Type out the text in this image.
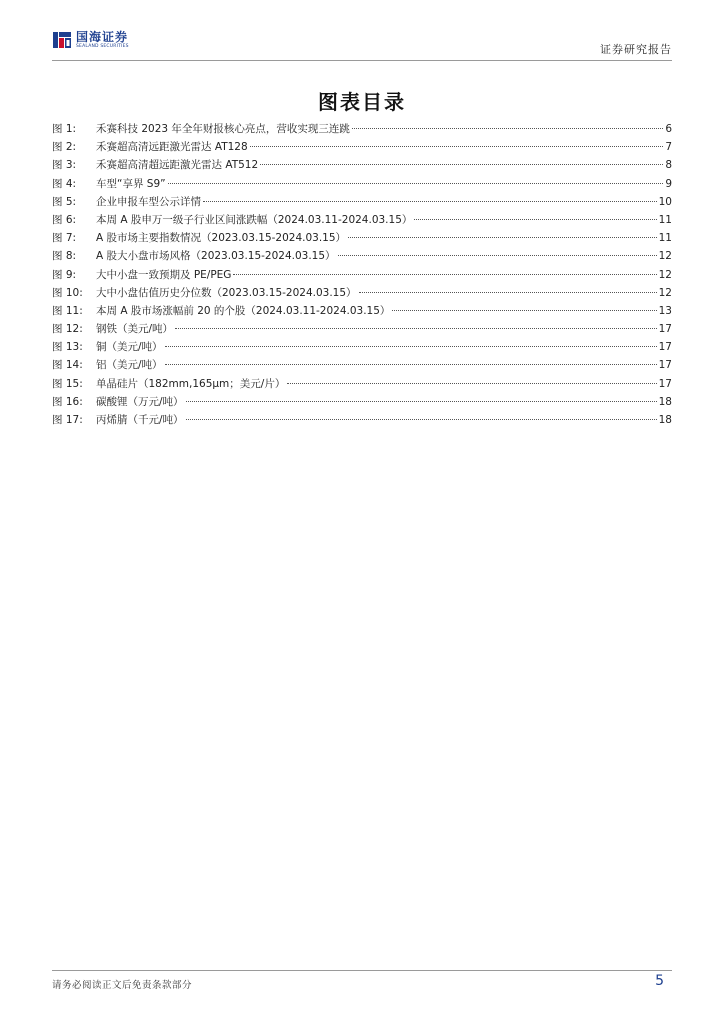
国海证券
SEALAND SECURITIES	证券研究报告
图表目录
图 1:	禾赛科技 2023 年全年财报核心亮点，营收实现三连跳	6
图 2:	禾赛超高清远距激光雷达 AT128	7
图 3:	禾赛超高清超远距激光雷达 AT512	8
图 4:	车型“享界 S9”	9
图 5:	企业申报车型公示详情	10
图 6:	本周 A 股申万一级子行业区间涨跌幅（2024.03.11-2024.03.15）	11
图 7:	A 股市场主要指数情况（2023.03.15-2024.03.15）	11
图 8:	A 股大小盘市场风格（2023.03.15-2024.03.15）	12
图 9:	大中小盘一致预期及 PE/PEG	12
图 10:	大中小盘估值历史分位数（2023.03.15-2024.03.15）	12
图 11:	本周 A 股市场涨幅前 20 的个股（2024.03.11-2024.03.15）	13
图 12:	钢铁（美元/吨）	17
图 13:	铜（美元/吨）	17
图 14:	铝（美元/吨）	17
图 15:	单晶硅片（182mm,165μm；美元/片）	17
图 16:	碳酸锂（万元/吨）	18
图 17:	丙烯腈（千元/吨）	18
请务必阅读正文后免责条款部分	5
